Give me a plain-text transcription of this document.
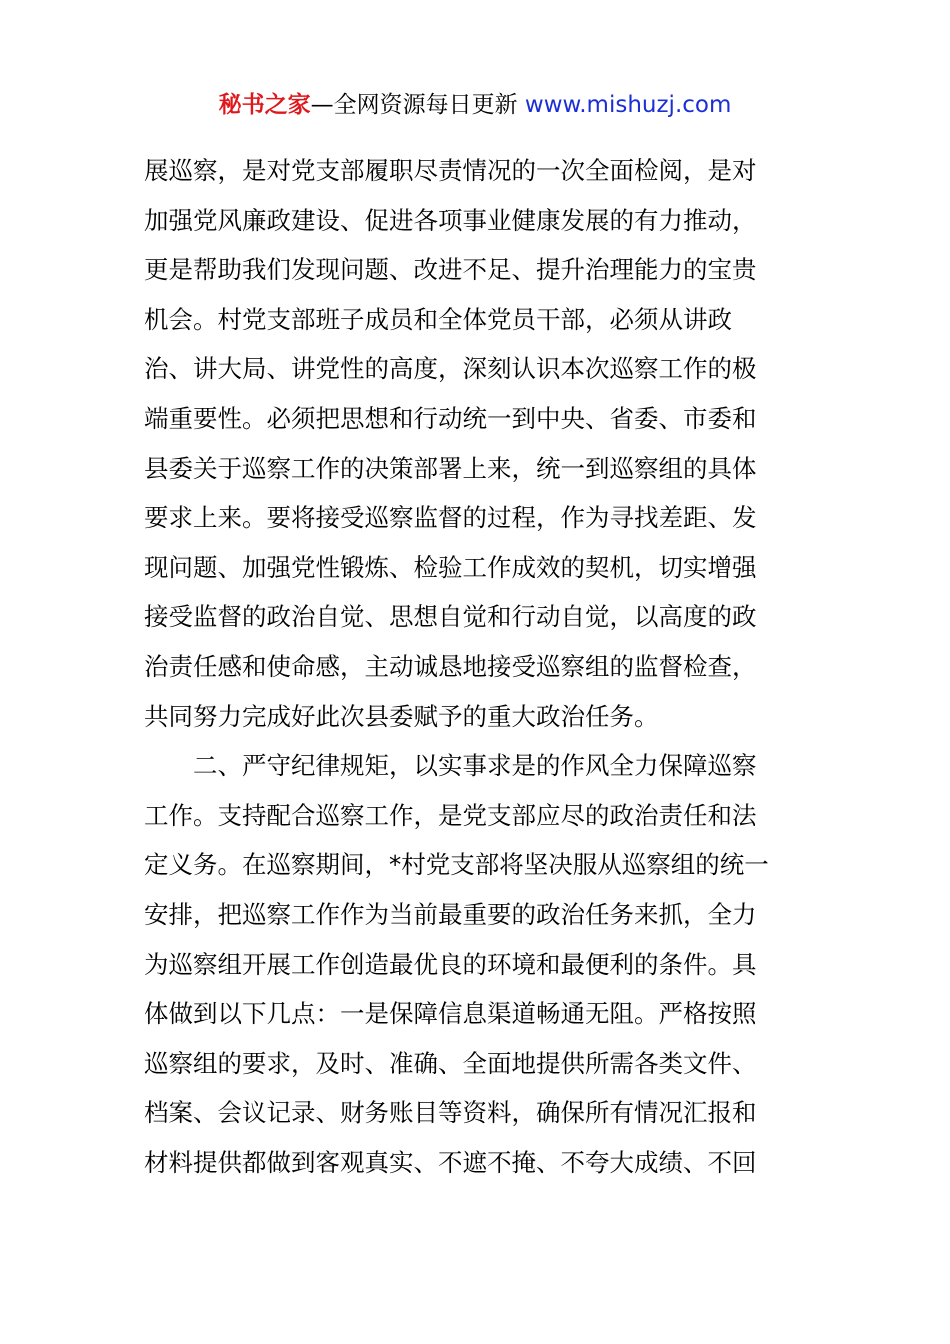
秘书之家—全网资源每日更新 www.mishuzj.com
展巡察，是对党支部履职尽责情况的一次全面检阅，是对
加强党风廉政建设、促进各项事业健康发展的有力推动，
更是帮助我们发现问题、改进不足、提升治理能力的宝贵
机会。村党支部班子成员和全体党员干部，必须从讲政
治、讲大局、讲党性的高度，深刻认识本次巡察工作的极
端重要性。必须把思想和行动统一到中央、省委、市委和
县委关于巡察工作的决策部署上来，统一到巡察组的具体
要求上来。要将接受巡察监督的过程，作为寻找差距、发
现问题、加强党性锻炼、检验工作成效的契机，切实增强
接受监督的政治自觉、思想自觉和行动自觉，以高度的政
治责任感和使命感，主动诚恳地接受巡察组的监督检查，
共同努力完成好此次县委赋予的重大政治任务。
　　二、严守纪律规矩，以实事求是的作风全力保障巡察
工作。支持配合巡察工作，是党支部应尽的政治责任和法
定义务。在巡察期间，*村党支部将坚决服从巡察组的统一
安排，把巡察工作作为当前最重要的政治任务来抓，全力
为巡察组开展工作创造最优良的环境和最便利的条件。具
体做到以下几点：一是保障信息渠道畅通无阻。严格按照
巡察组的要求，及时、准确、全面地提供所需各类文件、
档案、会议记录、财务账目等资料，确保所有情况汇报和
材料提供都做到客观真实、不遮不掩、不夸大成绩、不回
